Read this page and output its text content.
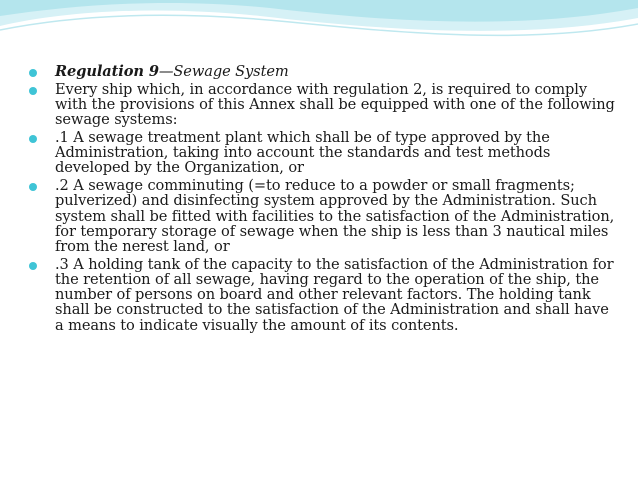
Regulation 9—Sewage System
Every ship which, in accordance with regulation 2, is required to comply with the provisions of this Annex shall be equipped with one of the following sewage systems:
.1 A sewage treatment plant which shall be of type approved by the Administration, taking into account the standards and test methods developed by the Organization, or
.2 A sewage comminuting (=to reduce to a powder or small fragments; pulverized) and disinfecting system approved by the Administration. Such system shall be fitted with facilities to the satisfaction of the Administration, for temporary storage of sewage when the ship is less than 3 nautical miles from the nerest land, or
.3 A holding tank of the capacity to the satisfaction of the Administration for the retention of all sewage, having regard to the operation of the ship, the number of persons on board and other relevant factors. The holding tank shall be constructed to the satisfaction of the Administration and shall have a means to indicate visually the amount of its contents.
